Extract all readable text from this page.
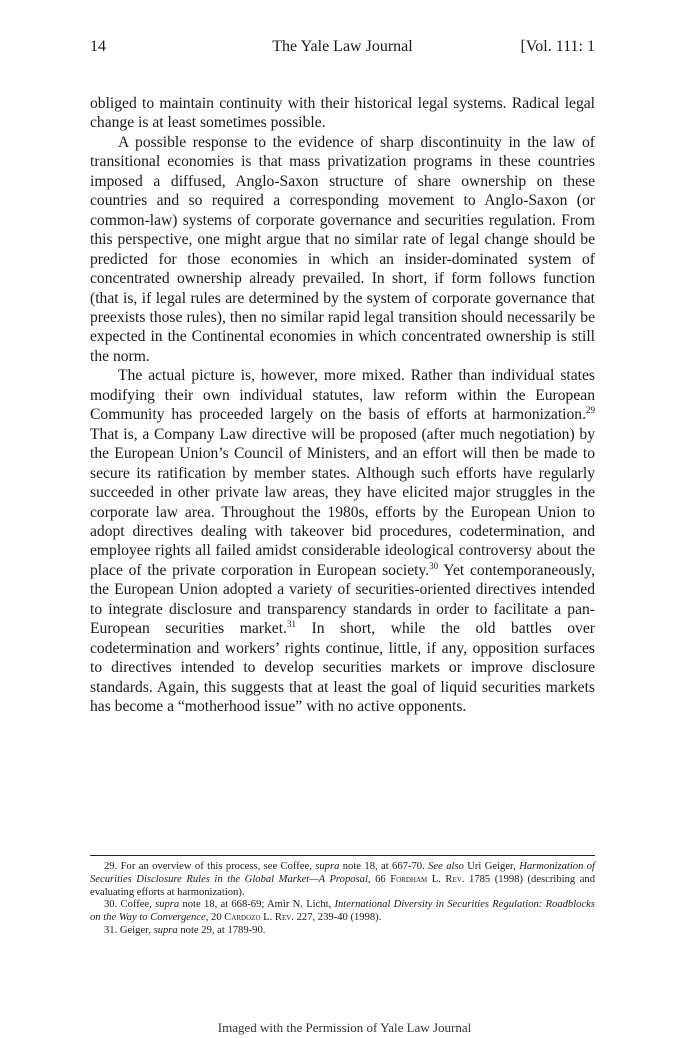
14	The Yale Law Journal	[Vol. 111: 1

obliged to maintain continuity with their historical legal systems. Radical legal change is at least sometimes possible.

A possible response to the evidence of sharp discontinuity in the law of transitional economies is that mass privatization programs in these countries imposed a diffused, Anglo-Saxon structure of share ownership on these countries and so required a corresponding movement to Anglo-Saxon (or common-law) systems of corporate governance and securities regulation. From this perspective, one might argue that no similar rate of legal change should be predicted for those economies in which an insider-dominated system of concentrated ownership already prevailed. In short, if form follows function (that is, if legal rules are determined by the system of corporate governance that preexists those rules), then no similar rapid legal transition should necessarily be expected in the Continental economies in which concentrated ownership is still the norm.

The actual picture is, however, more mixed. Rather than individual states modifying their own individual statutes, law reform within the European Community has proceeded largely on the basis of efforts at harmonization.$^{29}$ That is, a Company Law directive will be proposed (after much negotiation) by the European Union’s Council of Ministers, and an effort will then be made to secure its ratification by member states. Although such efforts have regularly succeeded in other private law areas, they have elicited major struggles in the corporate law area. Throughout the 1980s, efforts by the European Union to adopt directives dealing with takeover bid procedures, codetermination, and employee rights all failed amidst considerable ideological controversy about the place of the private corporation in European society.$^{30}$ Yet contemporaneously, the European Union adopted a variety of securities-oriented directives intended to integrate disclosure and transparency standards in order to facilitate a pan-European securities market.$^{31}$ In short, while the old battles over codetermination and workers’ rights continue, little, if any, opposition surfaces to directives intended to develop securities markets or improve disclosure standards. Again, this suggests that at least the goal of liquid securities markets has become a “motherhood issue” with no active opponents.

29. For an overview of this process, see Coffee, supra note 18, at 667-70. See also Uri Geiger, Harmonization of Securities Disclosure Rules in the Global Market—A Proposal, 66 Fordham L. Rev. 1785 (1998) (describing and evaluating efforts at harmonization).

30. Coffee, supra note 18, at 668-69; Amir N. Licht, International Diversity in Securities Regulation: Roadblocks on the Way to Convergence, 20 Cardozo L. Rev. 227, 239-40 (1998).

31. Geiger, supra note 29, at 1789-90.

Imaged with the Permission of Yale Law Journal
